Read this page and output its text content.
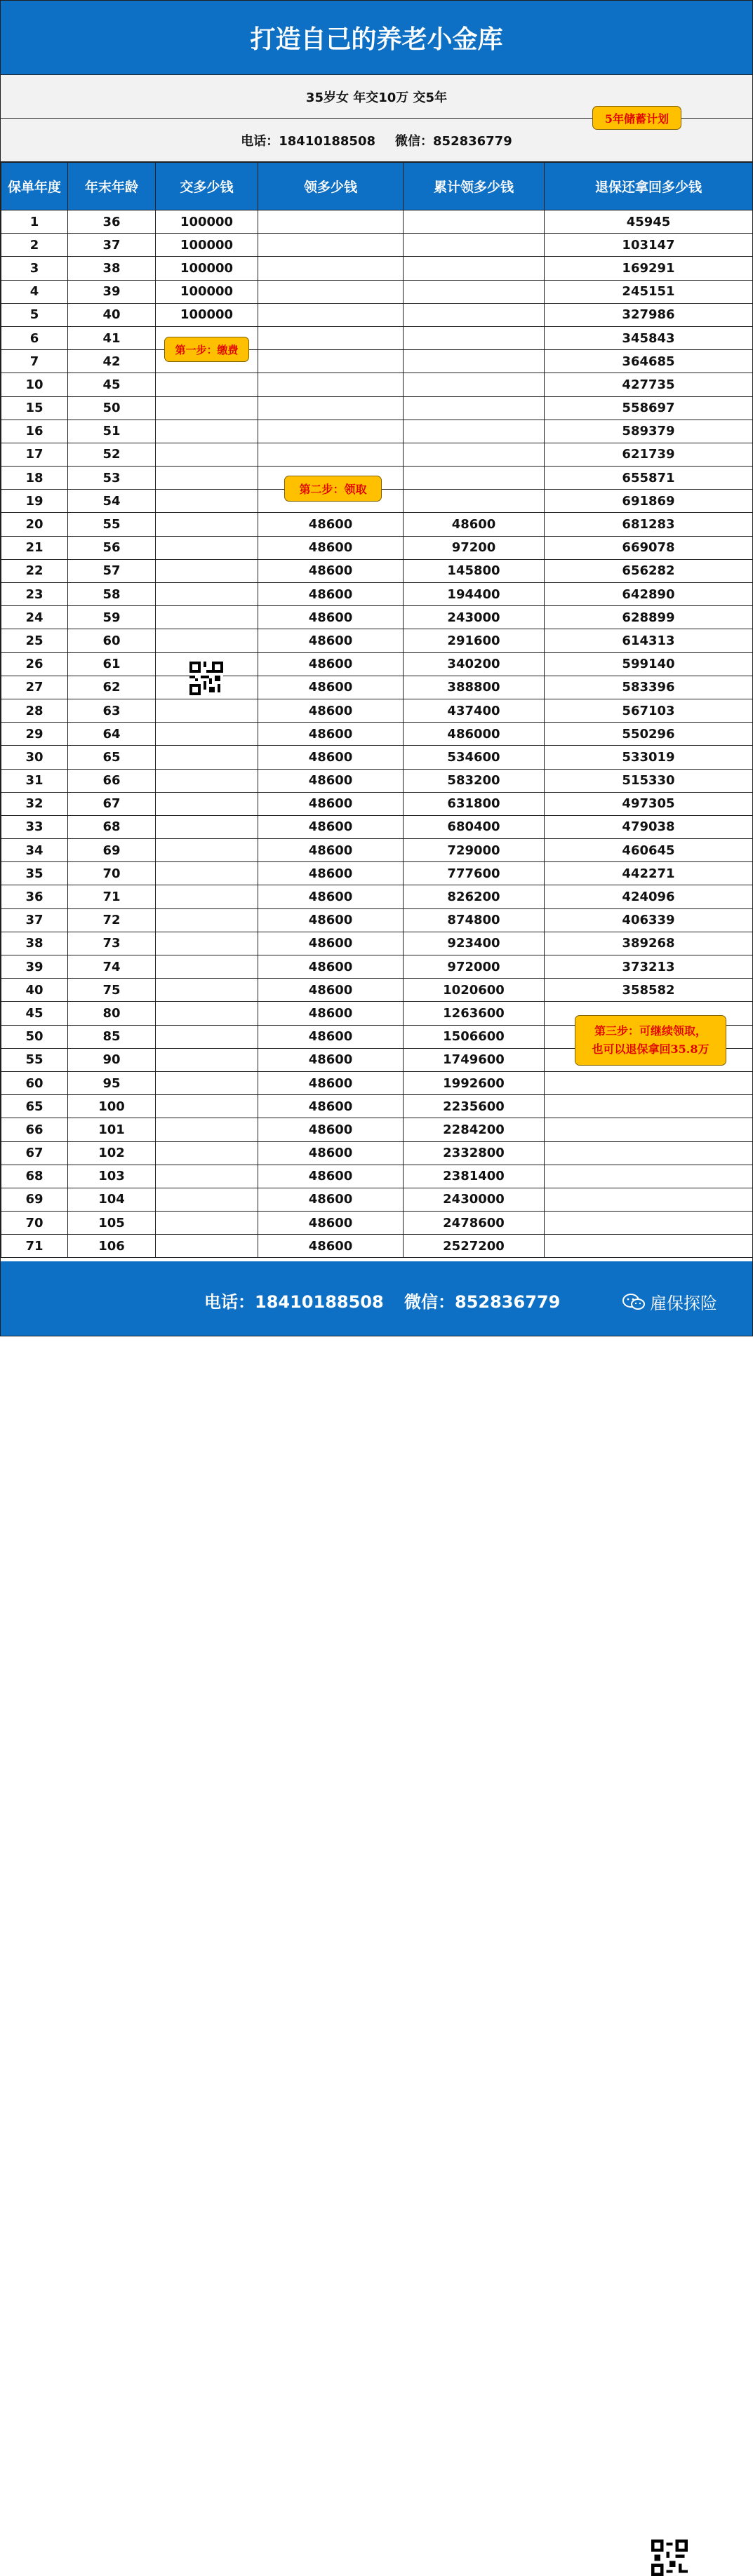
打造自己的养老小金库
35岁女 年交10万 交5年
电话：18410188508 微信：852836779
保单年度	年末年龄	交多少钱	领多少钱	累计领多少钱	退保还拿回多少钱
1	36	100000			45945
2	37	100000			103147
3	38	100000			169291
4	39	100000			245151
5	40	100000			327986
6	41				345843
7	42				364685
10	45				427735
15	50				558697
16	51				589379
17	52				621739
18	53				655871
19	54				691869
20	55		48600	48600	681283
21	56		48600	97200	669078
22	57		48600	145800	656282
23	58		48600	194400	642890
24	59		48600	243000	628899
25	60		48600	291600	614313
26	61		48600	340200	599140
27	62		48600	388800	583396
28	63		48600	437400	567103
29	64		48600	486000	550296
30	65		48600	534600	533019
31	66		48600	583200	515330
32	67		48600	631800	497305
33	68		48600	680400	479038
34	69		48600	729000	460645
35	70		48600	777600	442271
36	71		48600	826200	424096
37	72		48600	874800	406339
38	73		48600	923400	389268
39	74		48600	972000	373213
40	75		48600	1020600	358582
45	80		48600	1263600	
50	85		48600	1506600	
55	90		48600	1749600	
60	95		48600	1992600	
65	100		48600	2235600	
66	101		48600	2284200	
67	102		48600	2332800	
68	103		48600	2381400	
69	104		48600	2430000	
70	105		48600	2478600	
71	106		48600	2527200	
5年储蓄计划
第一步：缴费
第二步：领取
第三步：可继续领取，
也可以退保拿回35.8万
电话：18410188508 微信：852836779	雇保探险
